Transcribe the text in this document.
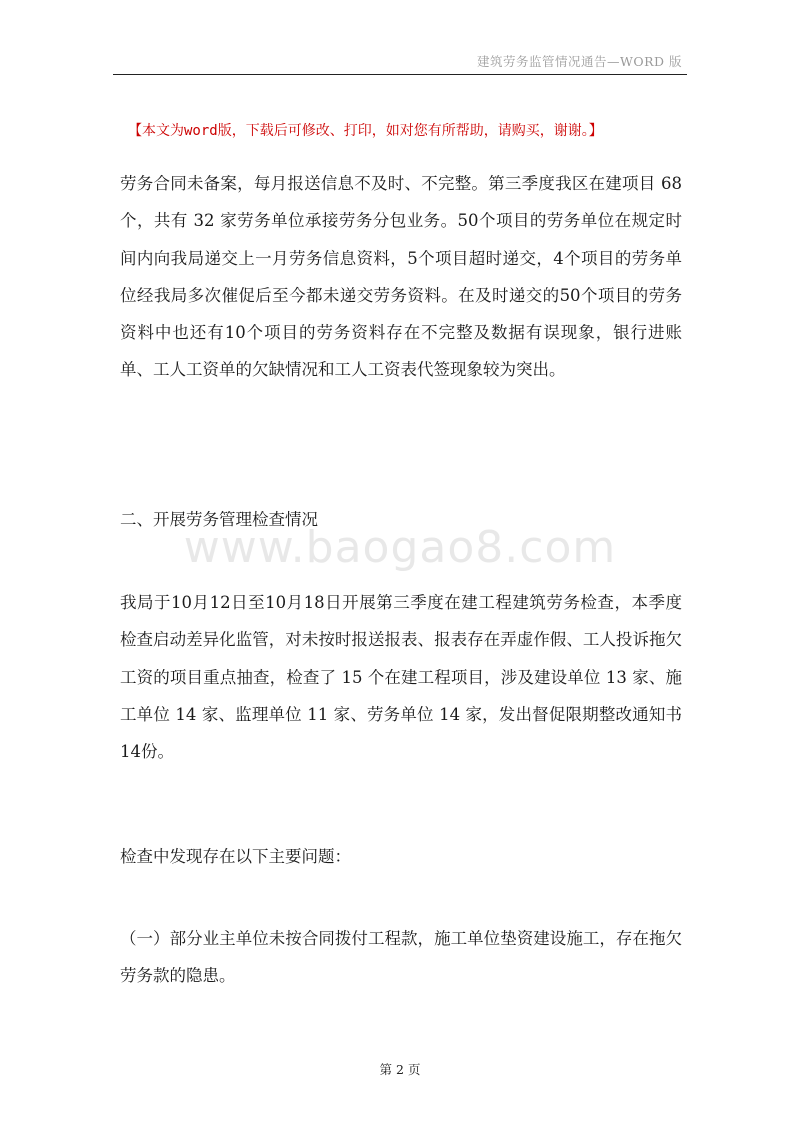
建筑劳务监管情况通告—WORD 版
【本文为word版，下载后可修改、打印，如对您有所帮助，请购买，谢谢。】
www.baogao8.com

劳务合同未备案，每月报送信息不及时、不完整。第三季度我区在建项目 68 个，共有 32 家劳务单位承接劳务分包业务。50个项目的劳务单位在规定时间内向我局递交上一月劳务信息资料，5个项目超时递交，4个项目的劳务单位经我局多次催促后至今都未递交劳务资料。在及时递交的50个项目的劳务资料中也还有10个项目的劳务资料存在不完整及数据有误现象，银行进账单、工人工资单的欠缺情况和工人工资表代签现象较为突出。

二、开展劳务管理检查情况

我局于10月12日至10月18日开展第三季度在建工程建筑劳务检查，本季度检查启动差异化监管，对未按时报送报表、报表存在弄虚作假、工人投诉拖欠工资的项目重点抽查，检查了 15 个在建工程项目，涉及建设单位 13 家、施工单位 14 家、监理单位 11 家、劳务单位 14 家，发出督促限期整改通知书14份。

检查中发现存在以下主要问题：

（一）部分业主单位未按合同拨付工程款，施工单位垫资建设施工，存在拖欠劳务款的隐患。

第 2 页
